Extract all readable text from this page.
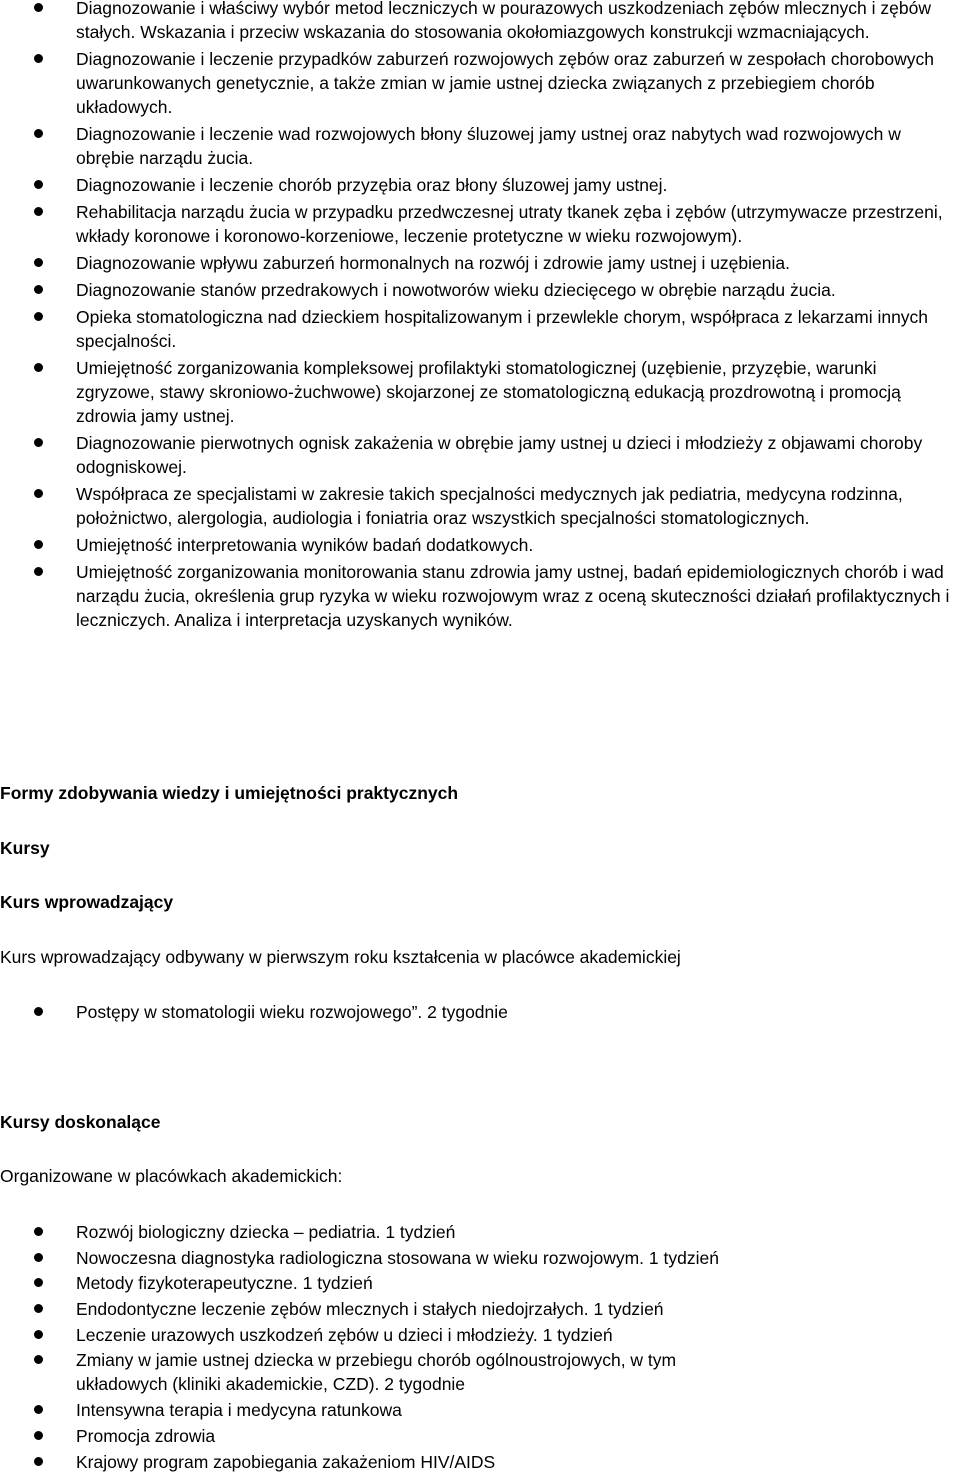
Diagnozowanie i właściwy wybór metod leczniczych w pourazowych uszkodzeniach zębów mlecznych i zębów stałych. Wskazania i przeciw wskazania do stosowania okołomiazgowych konstrukcji wzmacniających.
Diagnozowanie i leczenie przypadków zaburzeń rozwojowych zębów oraz zaburzeń w zespołach chorobowych uwarunkowanych genetycznie, a także zmian w jamie ustnej dziecka związanych z przebiegiem chorób układowych.
Diagnozowanie i leczenie wad rozwojowych błony śluzowej jamy ustnej oraz nabytych wad rozwojowych w obrębie narządu żucia.
Diagnozowanie i leczenie chorób przyzębia oraz błony śluzowej jamy ustnej.
Rehabilitacja narządu żucia w przypadku przedwczesnej utraty tkanek zęba i zębów (utrzymywacze przestrzeni, wkłady koronowe i koronowo-korzeniowe, leczenie protetyczne w wieku rozwojowym).
Diagnozowanie wpływu zaburzeń hormonalnych na rozwój i zdrowie jamy ustnej i uzębienia.
Diagnozowanie stanów przedrakowych i nowotworów wieku dziecięcego w obrębie narządu żucia.
Opieka stomatologiczna nad dzieckiem hospitalizowanym i przewlekle chorym, współpraca z lekarzami innych specjalności.
Umiejętność zorganizowania kompleksowej profilaktyki stomatologicznej (uzębienie, przyzębie, warunki zgryzowe, stawy skroniowo-żuchwowe) skojarzonej ze stomatologiczną edukacją prozdrowotną i promocją zdrowia jamy ustnej.
Diagnozowanie pierwotnych ognisk zakażenia w obrębie jamy ustnej u dzieci i młodzieży z objawami choroby odogniskowej.
Współpraca ze specjalistami w zakresie takich specjalności medycznych jak pediatria, medycyna rodzinna, położnictwo, alergologia, audiologia i foniatria oraz wszystkich specjalności stomatologicznych.
Umiejętność interpretowania wyników badań dodatkowych.
Umiejętność zorganizowania monitorowania stanu zdrowia jamy ustnej, badań epidemiologicznych chorób i wad narządu żucia, określenia grup ryzyka w wieku rozwojowym wraz z oceną skuteczności działań profilaktycznych i leczniczych. Analiza i interpretacja uzyskanych wyników.
Formy zdobywania wiedzy i umiejętności praktycznych
Kursy
Kurs wprowadzający
Kurs wprowadzający odbywany w pierwszym roku kształcenia w placówce akademickiej
Postępy w stomatologii wieku rozwojowego”. 2 tygodnie
Kursy doskonalące
Organizowane w placówkach akademickich:
Rozwój biologiczny dziecka – pediatria. 1 tydzień
Nowoczesna diagnostyka radiologiczna stosowana w wieku rozwojowym. 1 tydzień
Metody fizykoterapeutyczne. 1 tydzień
Endodontyczne leczenie zębów mlecznych i stałych niedojrzałych. 1 tydzień
Leczenie urazowych uszkodzeń zębów u dzieci i młodzieży. 1 tydzień
Zmiany w jamie ustnej dziecka w przebiegu chorób ogólnoustrojowych, w tym układowych (kliniki akademickie, CZD). 2 tygodnie
Intensywna terapia i medycyna ratunkowa
Promocja zdrowia
Krajowy program zapobiegania zakażeniom HIV/AIDS
